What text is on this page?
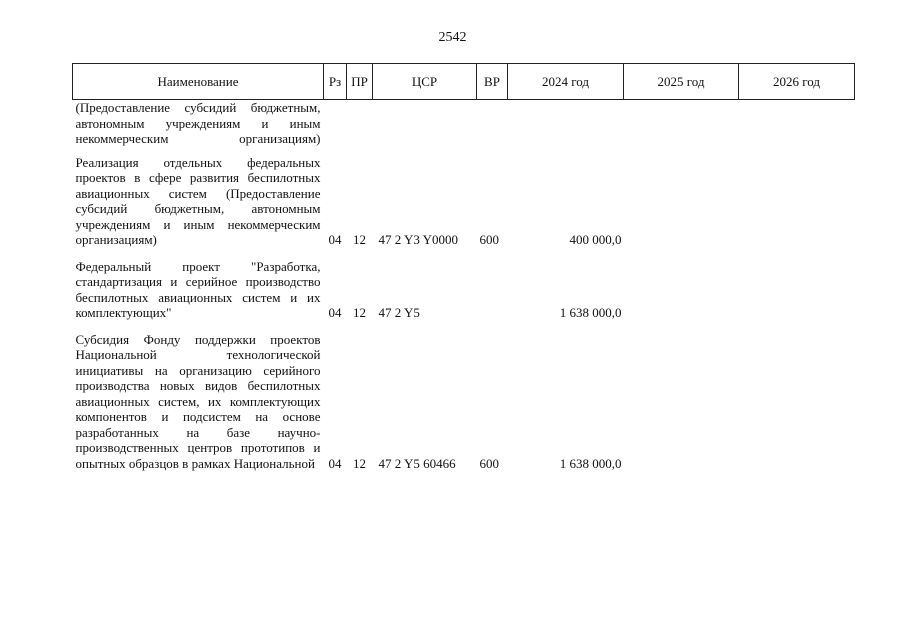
2542
Наименование	Рз	ПР	ЦСР	ВР	2024 год	2025 год	2026 год
(Предоставление субсидий бюджетным, автономным учреждениям и иным некоммерческим организациям)							

Реализация отдельных федеральных проектов в сфере развития беспилотных авиационных систем (Предоставление субсидий бюджетным, автономным учреждениям и иным некоммерческим организациям)	04	12	47 2 Y3 Y0000	600	400 000,0		

Федеральный проект "Разработка, стандартизация и серийное производство беспилотных авиационных систем и их комплектующих"	04	12	47 2 Y5		1 638 000,0		

Субсидия Фонду поддержки проектов Национальной технологической инициативы на организацию серийного производства новых видов беспилотных авиационных систем, их комплектующих компонентов и подсистем на основе разработанных на базе научно-производственных центров прототипов и опытных образцов в рамках Национальной	04	12	47 2 Y5 60466	600	1 638 000,0		
